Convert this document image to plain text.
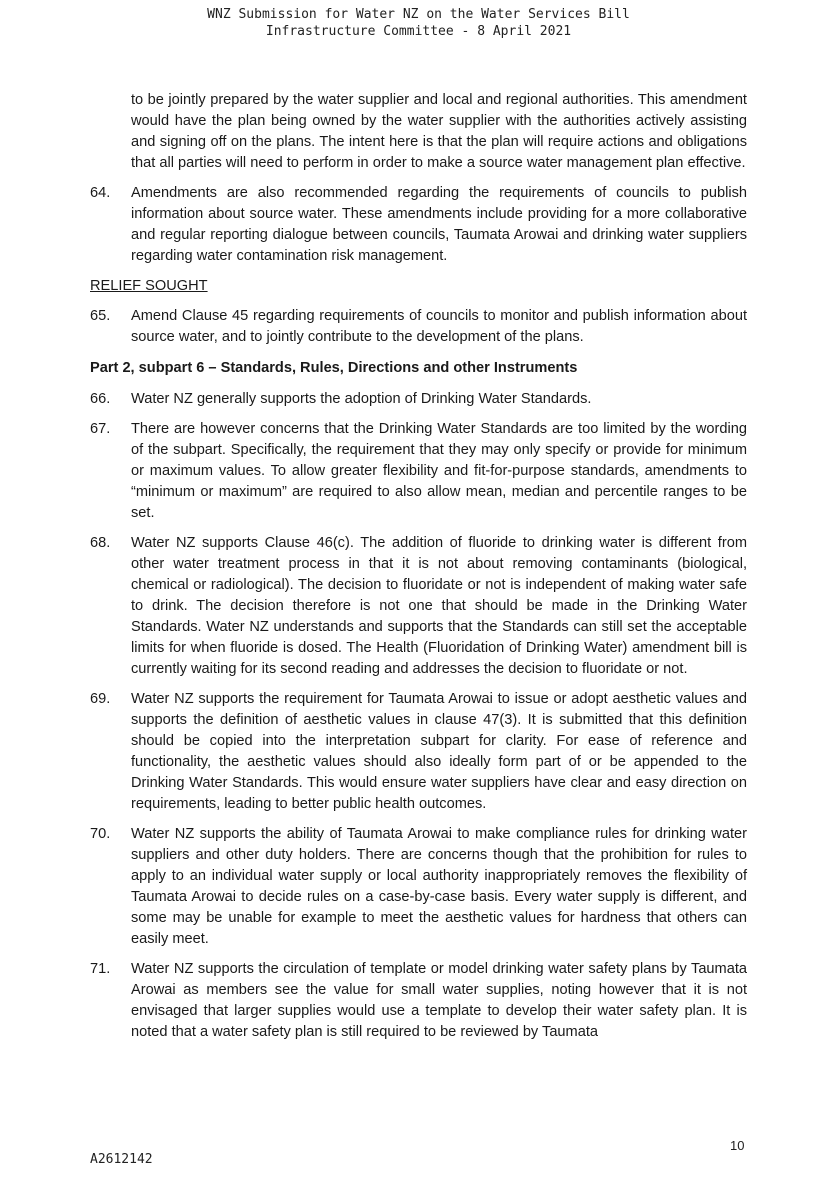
WNZ Submission for Water NZ on the Water Services Bill
Infrastructure Committee - 8 April 2021
to be jointly prepared by the water supplier and local and regional authorities. This amendment would have the plan being owned by the water supplier with the authorities actively assisting and signing off on the plans. The intent here is that the plan will require actions and obligations that all parties will need to perform in order to make a source water management plan effective.
64.	Amendments are also recommended regarding the requirements of councils to publish information about source water. These amendments include providing for a more collaborative and regular reporting dialogue between councils, Taumata Arowai and drinking water suppliers regarding water contamination risk management.
RELIEF SOUGHT
65.	Amend Clause 45 regarding requirements of councils to monitor and publish information about source water, and to jointly contribute to the development of the plans.
Part 2, subpart 6 – Standards, Rules, Directions and other Instruments
66.	Water NZ generally supports the adoption of Drinking Water Standards.
67.	There are however concerns that the Drinking Water Standards are too limited by the wording of the subpart. Specifically, the requirement that they may only specify or provide for minimum or maximum values. To allow greater flexibility and fit-for-purpose standards, amendments to “minimum or maximum” are required to also allow mean, median and percentile ranges to be set.
68.	Water NZ supports Clause 46(c). The addition of fluoride to drinking water is different from other water treatment process in that it is not about removing contaminants (biological, chemical or radiological). The decision to fluoridate or not is independent of making water safe to drink. The decision therefore is not one that should be made in the Drinking Water Standards. Water NZ understands and supports that the Standards can still set the acceptable limits for when fluoride is dosed. The Health (Fluoridation of Drinking Water) amendment bill is currently waiting for its second reading and addresses the decision to fluoridate or not.
69.	Water NZ supports the requirement for Taumata Arowai to issue or adopt aesthetic values and supports the definition of aesthetic values in clause 47(3). It is submitted that this definition should be copied into the interpretation subpart for clarity. For ease of reference and functionality, the aesthetic values should also ideally form part of or be appended to the Drinking Water Standards. This would ensure water suppliers have clear and easy direction on requirements, leading to better public health outcomes.
70.	Water NZ supports the ability of Taumata Arowai to make compliance rules for drinking water suppliers and other duty holders. There are concerns though that the prohibition for rules to apply to an individual water supply or local authority inappropriately removes the flexibility of Taumata Arowai to decide rules on a case-by-case basis. Every water supply is different, and some may be unable for example to meet the aesthetic values for hardness that others can easily meet.
71.	Water NZ supports the circulation of template or model drinking water safety plans by Taumata Arowai as members see the value for small water supplies, noting however that it is not envisaged that larger supplies would use a template to develop their water safety plan. It is noted that a water safety plan is still required to be reviewed by Taumata
10
A2612142
